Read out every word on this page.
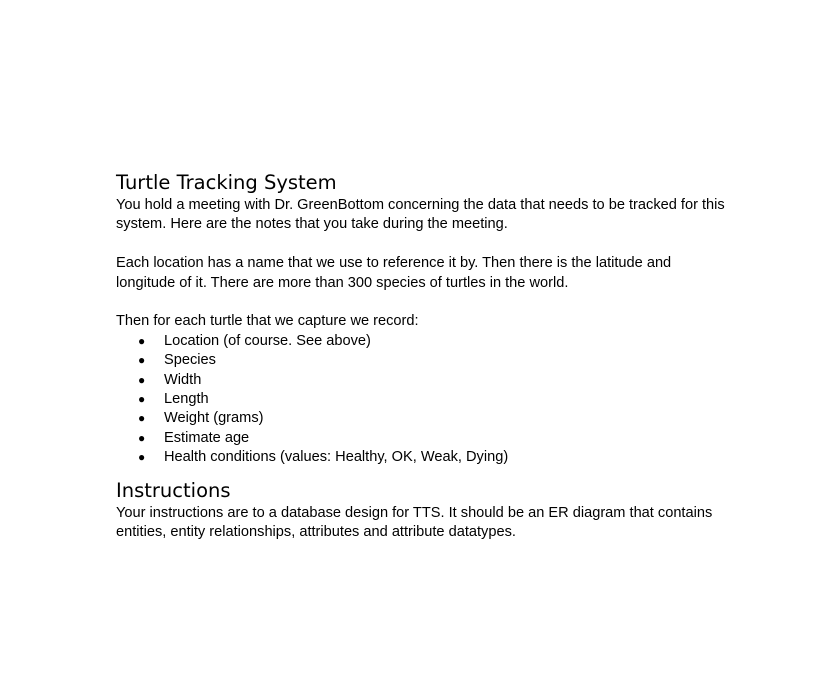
Turtle Tracking System

You hold a meeting with Dr. GreenBottom concerning the data that needs to be tracked for this
system. Here are the notes that you take during the meeting.

Each location has a name that we use to reference it by. Then there is the latitude and
longitude of it. There are more than 300 species of turtles in the world.

Then for each turtle that we capture we record:

● Location (of course. See above)
● Species
● Width
● Length
● Weight (grams)
● Estimate age
● Health conditions (values: Healthy, OK, Weak, Dying)
Instructions

Your instructions are to a database design for TTS. It should be an ER diagram that contains
entities, entity relationships, attributes and attribute datatypes.
